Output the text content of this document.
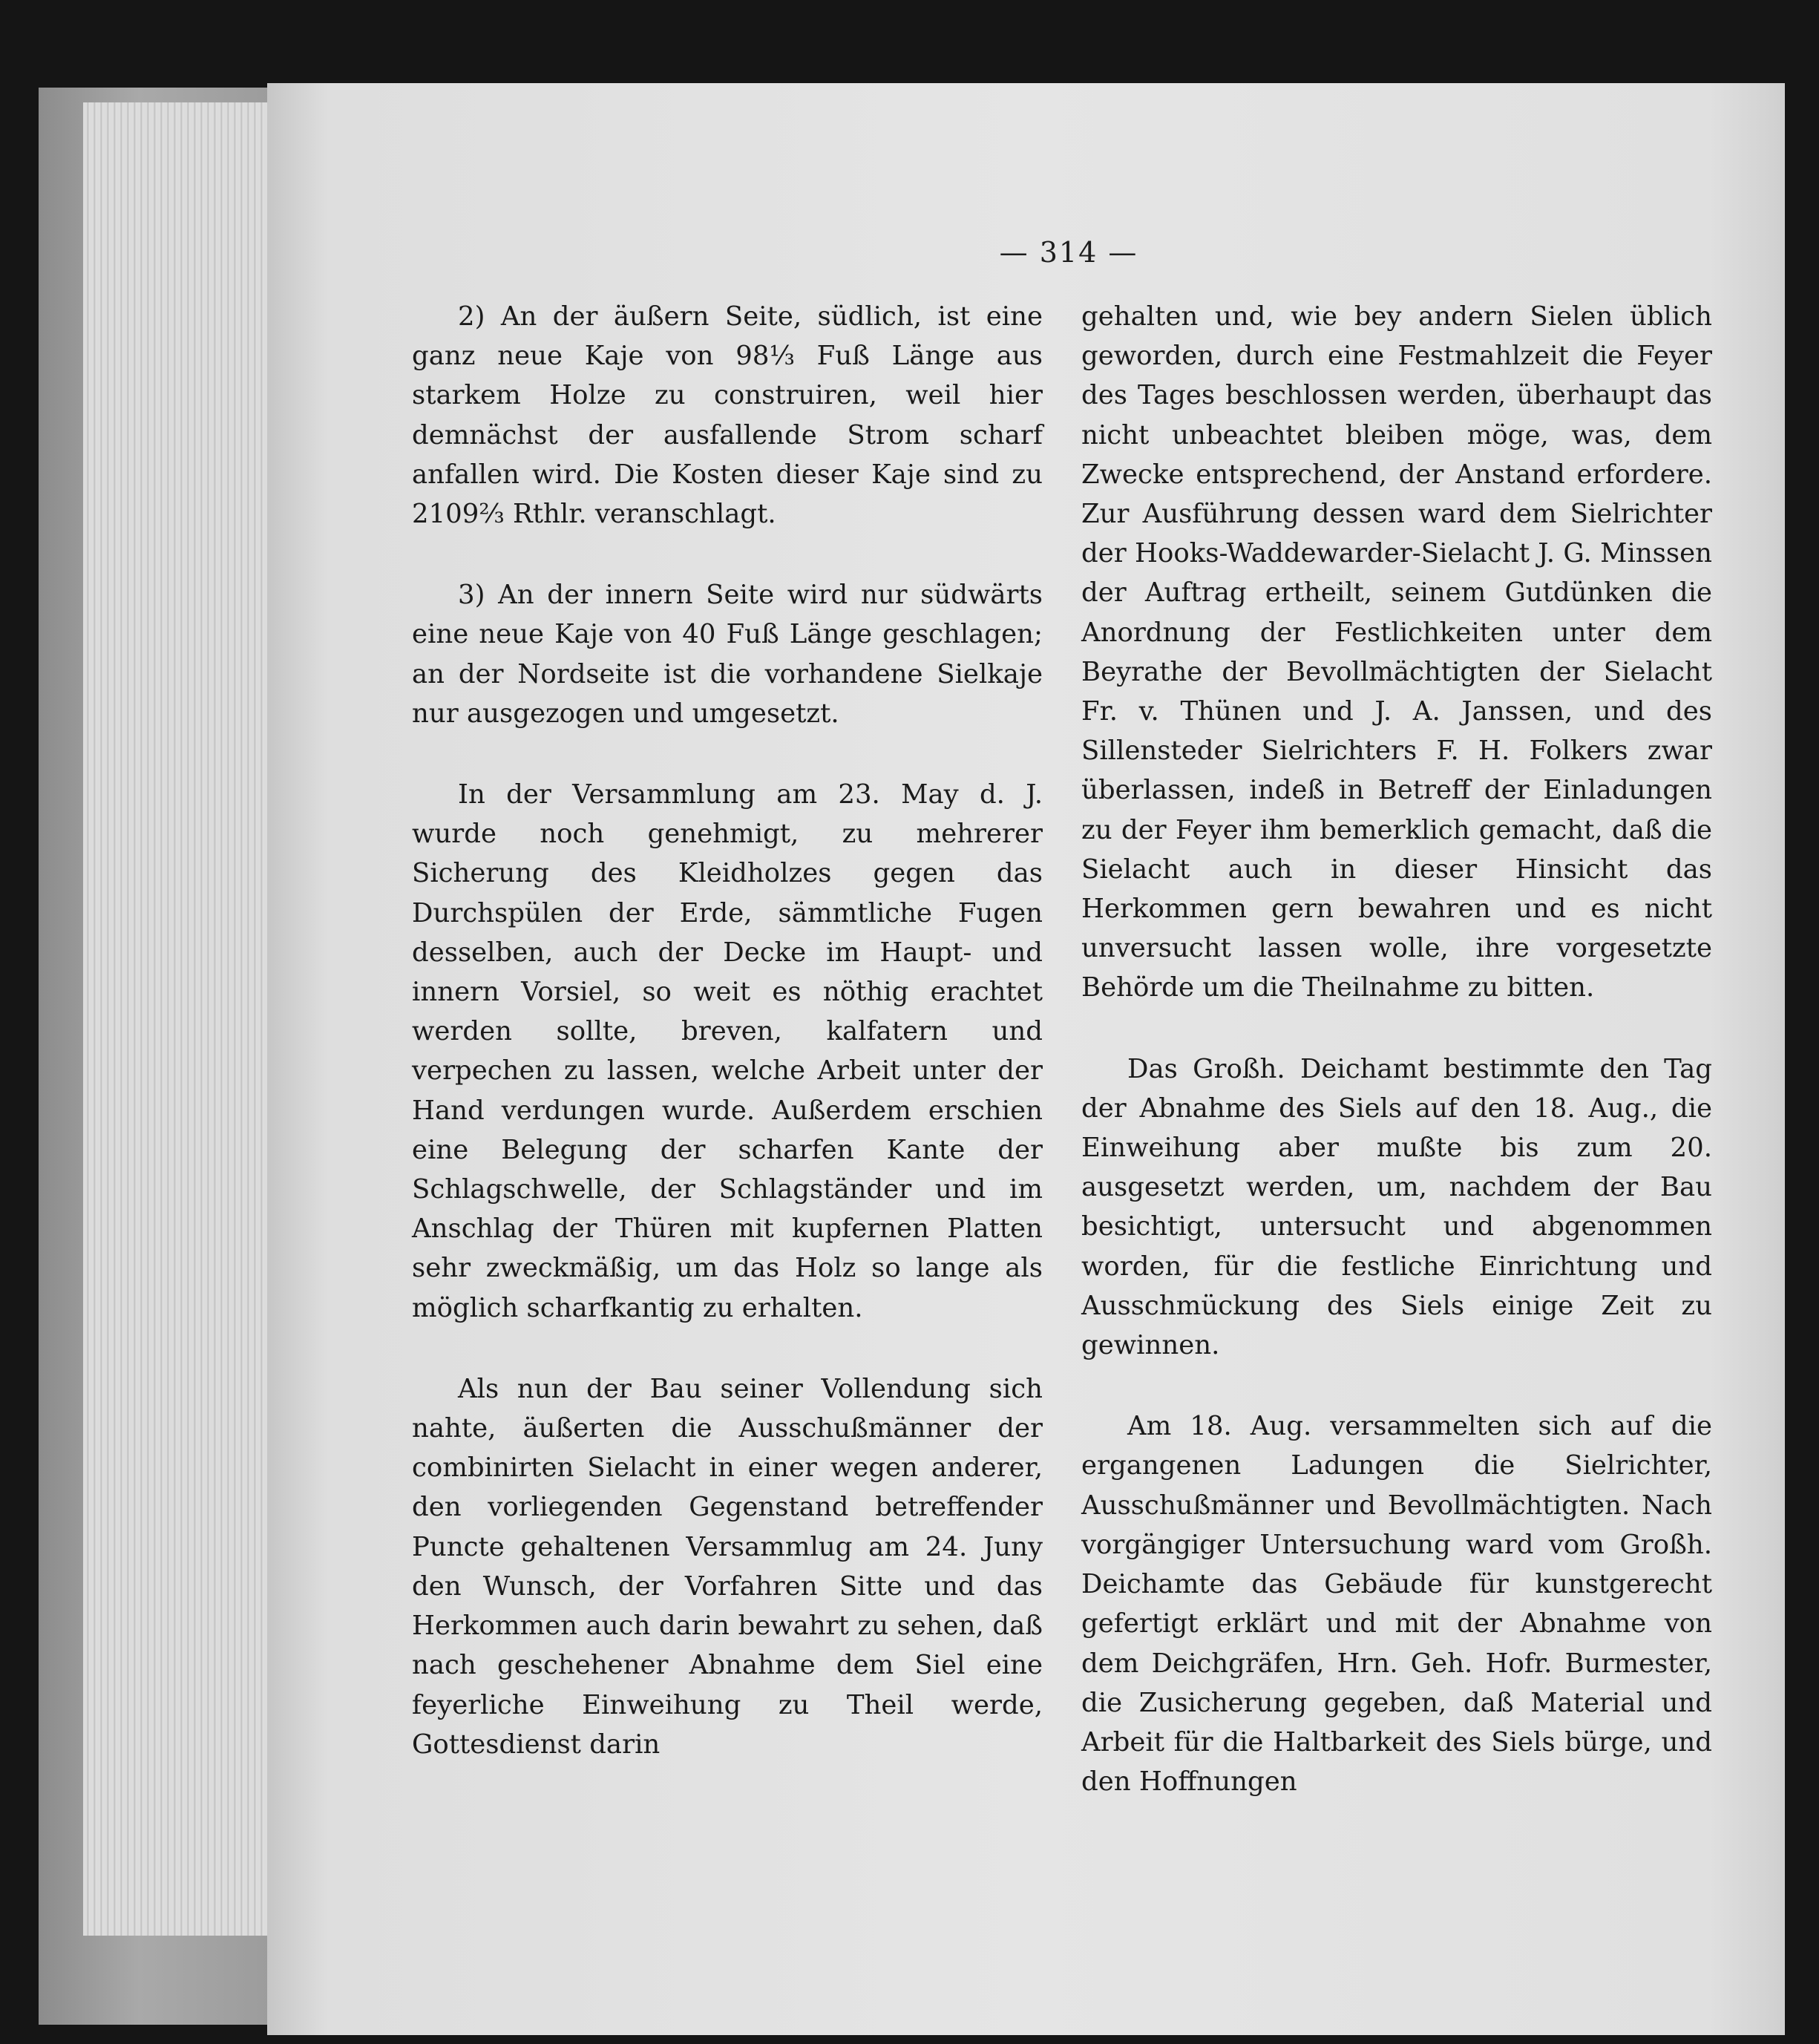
— 314 —

2) An der äußern Seite, südlich, ist eine ganz neue Kaje von 98⅓ Fuß Länge aus starkem Holze zu construiren, weil hier demnächst der ausfallende Strom scharf anfallen wird. Die Kosten dieser Kaje sind zu 2109⅔ Rthlr. veranschlagt.

3) An der innern Seite wird nur südwärts eine neue Kaje von 40 Fuß Länge geschlagen; an der Nordseite ist die vorhandene Sielkaje nur ausgezogen und umgesetzt.

In der Versammlung am 23. May d. J. wurde noch genehmigt, zu mehrerer Sicherung des Kleidholzes gegen das Durchspülen der Erde, sämmtliche Fugen desselben, auch der Decke im Haupt- und innern Vorsiel, so weit es nöthig erachtet werden sollte, breven, kalfatern und verpechen zu lassen, welche Arbeit unter der Hand verdungen wurde. Außerdem erschien eine Belegung der scharfen Kante der Schlagschwelle, der Schlagständer und im Anschlag der Thüren mit kupfernen Platten sehr zweckmäßig, um das Holz so lange als möglich scharfkantig zu erhalten.

Als nun der Bau seiner Vollendung sich nahte, äußerten die Ausschußmänner der combinirten Sielacht in einer wegen anderer, den vorliegenden Gegenstand betreffender Puncte gehaltenen Versammlug am 24. Juny den Wunsch, der Vorfahren Sitte und das Herkommen auch darin bewahrt zu sehen, daß nach geschehener Abnahme dem Siel eine feyerliche Einweihung zu Theil werde, Gottesdienst darin

gehalten und, wie bey andern Sielen üblich geworden, durch eine Festmahlzeit die Feyer des Tages beschlossen werden, überhaupt das nicht unbeachtet bleiben möge, was, dem Zwecke entsprechend, der Anstand erfordere. Zur Ausführung dessen ward dem Sielrichter der Hooks-Waddewarder-Sielacht J. G. Minssen der Auftrag ertheilt, seinem Gutdünken die Anordnung der Festlichkeiten unter dem Beyrathe der Bevollmächtigten der Sielacht Fr. v. Thünen und J. A. Janssen, und des Sillensteder Sielrichters F. H. Folkers zwar überlassen, indeß in Betreff der Einladungen zu der Feyer ihm bemerklich gemacht, daß die Sielacht auch in dieser Hinsicht das Herkommen gern bewahren und es nicht unversucht lassen wolle, ihre vorgesetzte Behörde um die Theilnahme zu bitten.

Das Großh. Deichamt bestimmte den Tag der Abnahme des Siels auf den 18. Aug., die Einweihung aber mußte bis zum 20. ausgesetzt werden, um, nachdem der Bau besichtigt, untersucht und abgenommen worden, für die festliche Einrichtung und Ausschmückung des Siels einige Zeit zu gewinnen.

Am 18. Aug. versammelten sich auf die ergangenen Ladungen die Sielrichter, Ausschußmänner und Bevollmächtigten. Nach vorgängiger Untersuchung ward vom Großh. Deichamte das Gebäude für kunstgerecht gefertigt erklärt und mit der Abnahme von dem Deichgräfen, Hrn. Geh. Hofr. Burmester, die Zusicherung gegeben, daß Material und Arbeit für die Haltbarkeit des Siels bürge, und den Hoffnungen
